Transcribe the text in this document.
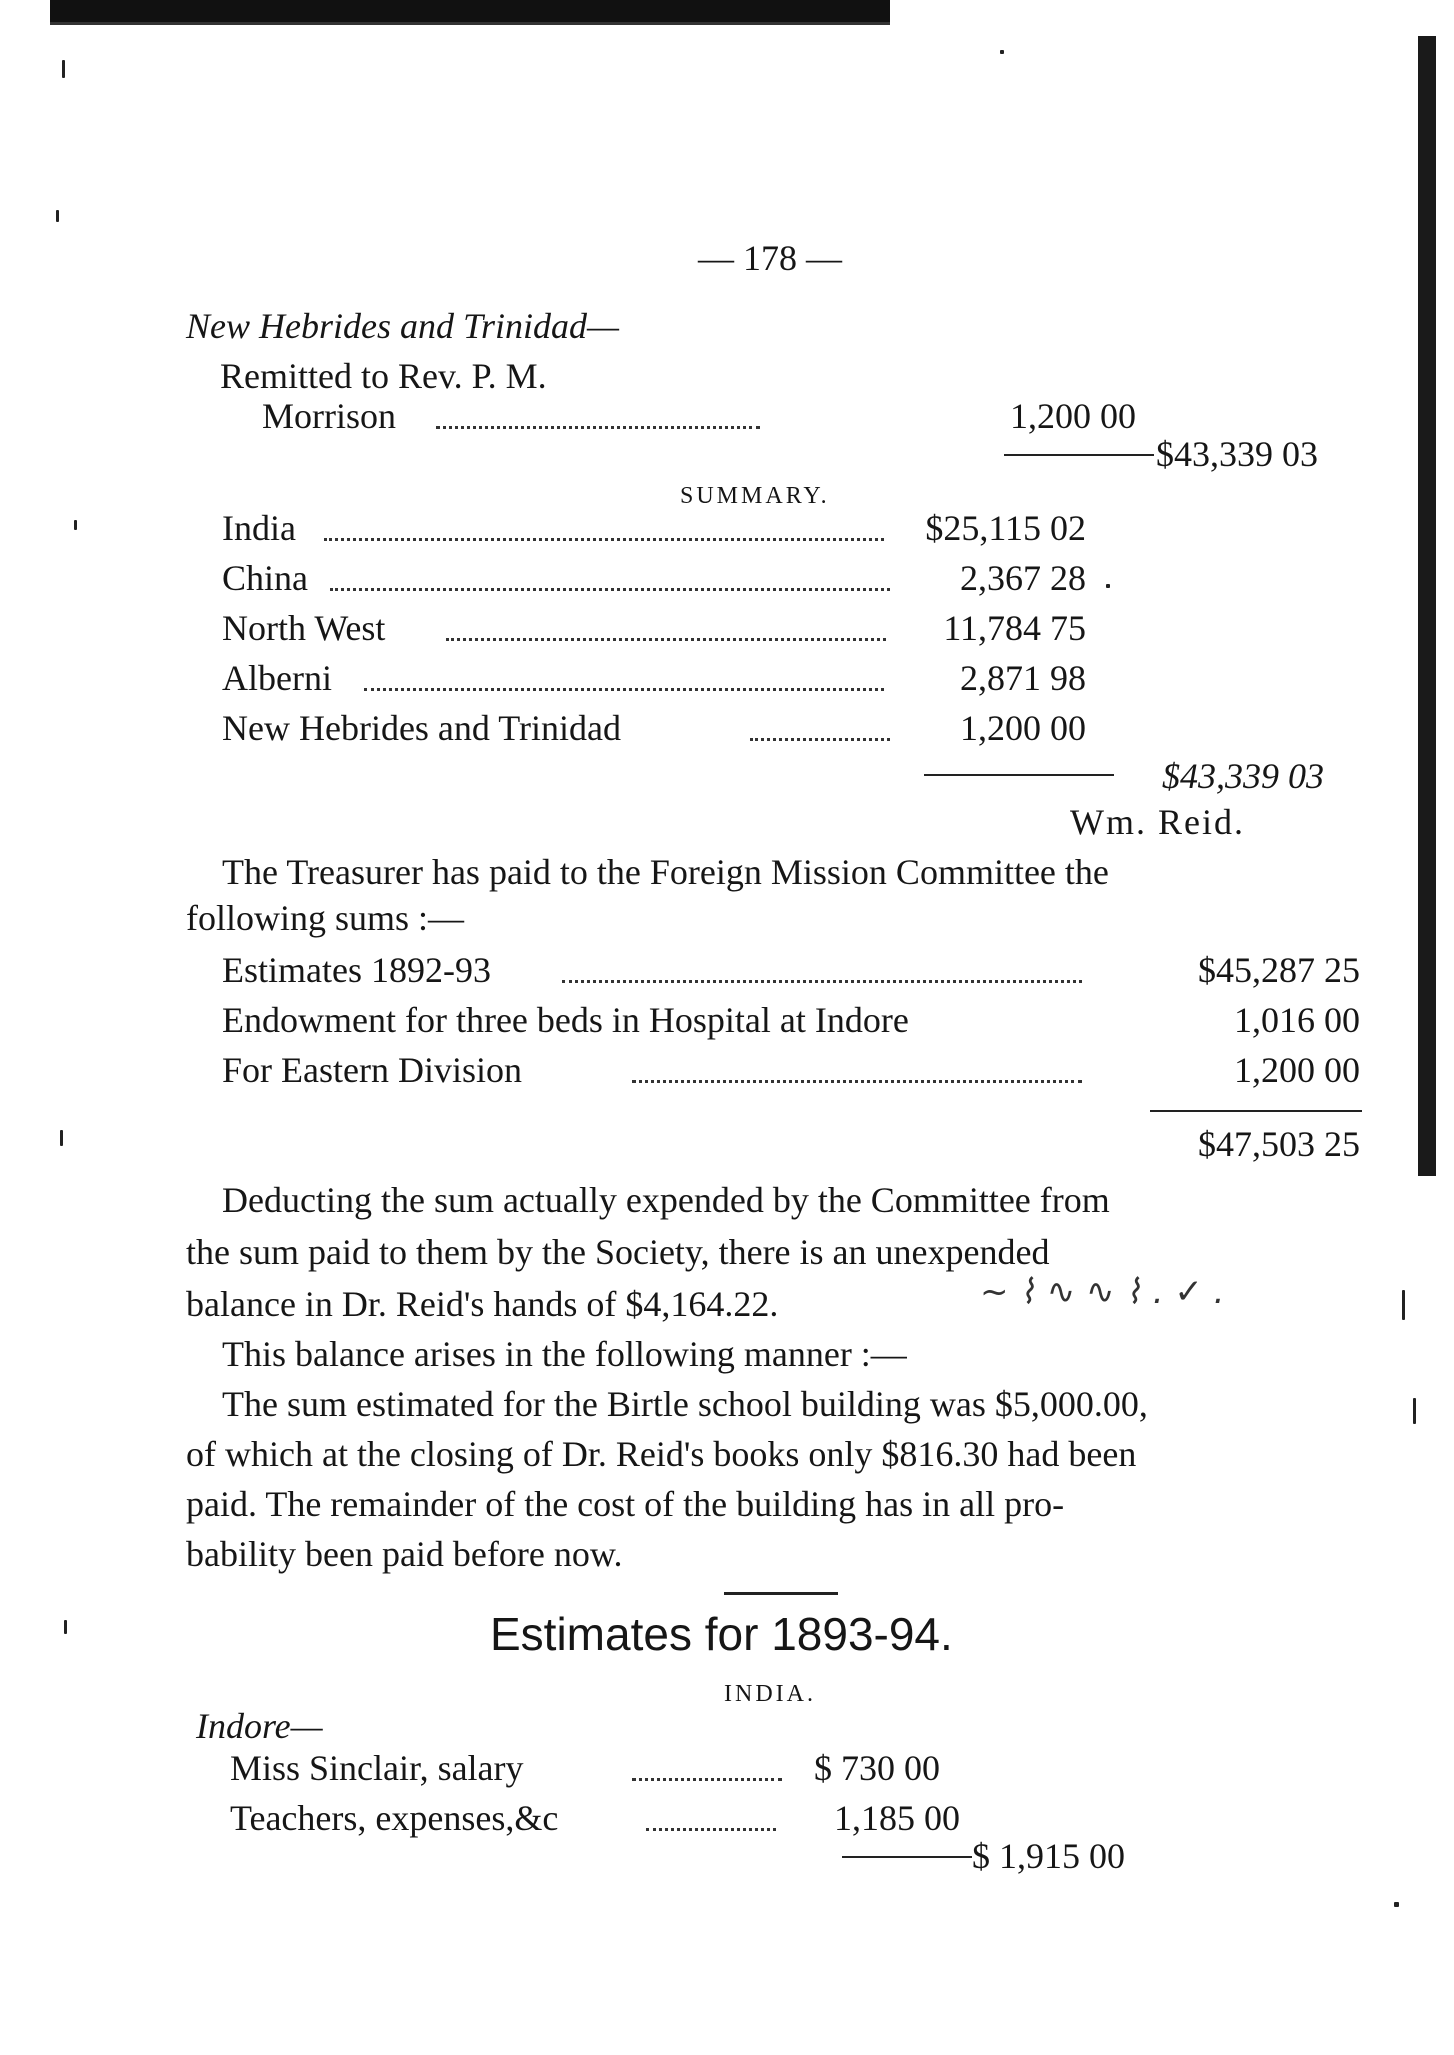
— 178 —
New Hebrides and Trinidad—
Remitted to Rev. P. M.
Morrison	1,200 00
$43,339 03
SUMMARY.
India	$25,115 02
China	2,367 28
North West	11,784 75
Alberni	2,871 98
New Hebrides and Trinidad	1,200 00
$43,339 03
Wm. Reid.
The Treasurer has paid to the Foreign Mission Committee the
following sums :—
Estimates 1892-93	$45,287 25
Endowment for three beds in Hospital at Indore	1,016 00
For Eastern Division	1,200 00
$47,503 25
Deducting the sum actually expended by the Committee from
the sum paid to them by the Society, there is an unexpended
balance in Dr. Reid's hands of $4,164.22.	~ ⌇ ∿ ∿ ⌇ . ✓ .
This balance arises in the following manner :—
The sum estimated for the Birtle school building was $5,000.00,
of which at the closing of Dr. Reid's books only $816.30 had been
paid. The remainder of the cost of the building has in all pro-
bability been paid before now.
Estimates for 1893-94.
INDIA.
Indore—
Miss Sinclair, salary	$ 730 00
Teachers, expenses,&c	1,185 00
$ 1,915 00
